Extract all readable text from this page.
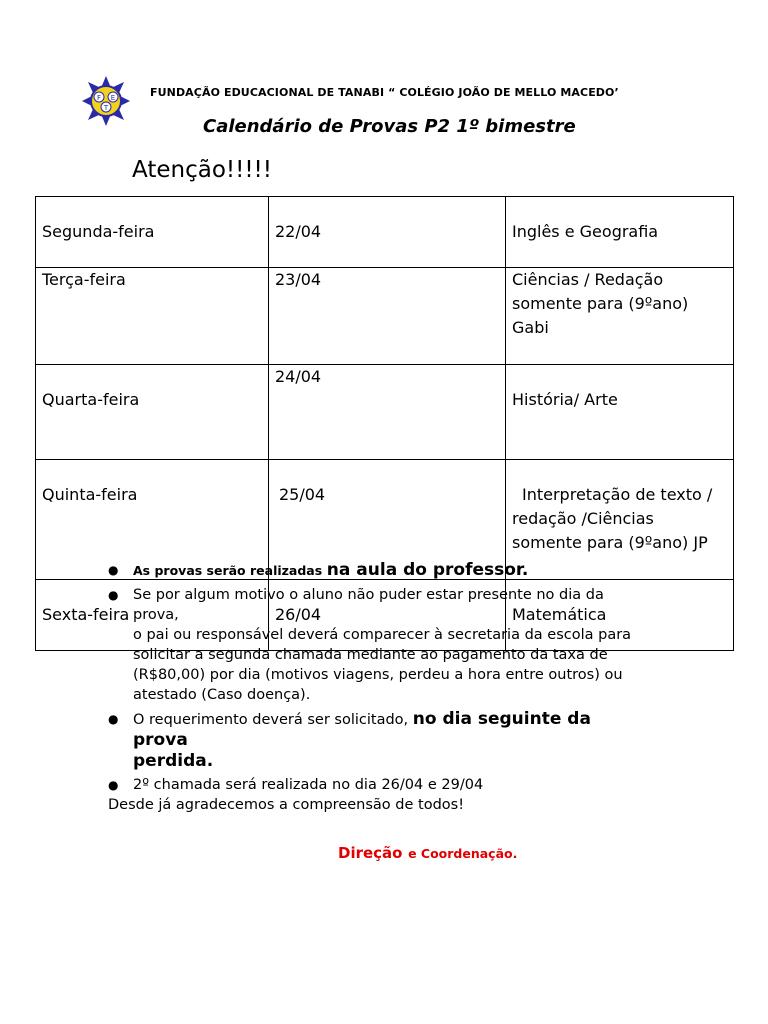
F E
T
FUNDAÇÃO EDUCACIONAL DE TANABI “ COLÉGIO JOÃO DE MELLO MACEDO’
Calendário de Provas P2 1º bimestre
Atenção!!!!!
Segunda-feira	22/04	Inglês e Geografia

Terça-feira	23/04	Ciências / Redação
somente para (9ºano)
Gabi

Quarta-feira	24/04	História/ Arte

Quinta-feira	25/04	Interpretação de texto /
redação /Ciências
somente para (9ºano) JP

Sexta-feira	26/04	Matemática
● As provas serão realizadas na aula do professor.
● Se por algum motivo o aluno não puder estar presente no dia da prova,
o pai ou responsável deverá comparecer à secretaria da escola para
solicitar a segunda chamada mediante ao pagamento da taxa de
(R$80,00) por dia (motivos viagens, perdeu a hora entre outros) ou
atestado (Caso doença).
● O requerimento deverá ser solicitado, no dia seguinte da prova
perdida.
● 2º chamada será realizada no dia 26/04 e 29/04
Desde já agradecemos a compreensão de todos!
Direção e Coordenação.
